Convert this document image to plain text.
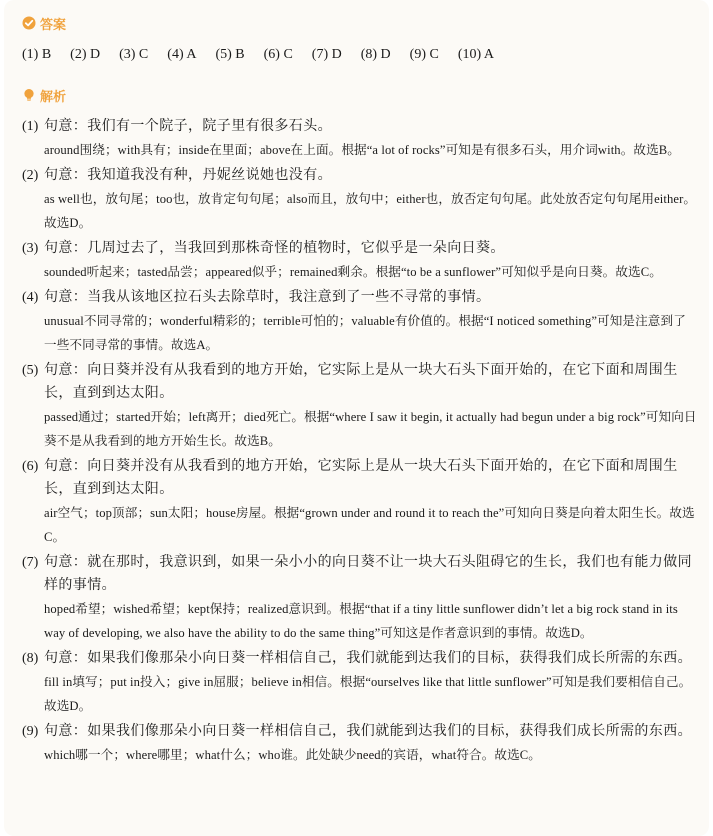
答案
(1) B (2) D (3) C (4) A (5) B (6) C (7) D (8) D (9) C (10) A
解析
(1) 句意：我们有一个院子，院子里有很多石头。
around围绕；with具有；inside在里面；above在上面。根据“a lot of rocks”可知是有很多石头，用介词with。故选B。
(2) 句意：我知道我没有种，丹妮丝说她也没有。
as well也，放句尾；too也，放肯定句句尾；also而且，放句中；either也，放否定句句尾。此处放否定句句尾用either。故选D。
(3) 句意：几周过去了，当我回到那株奇怪的植物时，它似乎是一朵向日葵。
sounded听起来；tasted品尝；appeared似乎；remained剩余。根据“to be a sunflower”可知似乎是向日葵。故选C。
(4) 句意：当我从该地区拉石头去除草时，我注意到了一些不寻常的事情。
unusual不同寻常的；wonderful精彩的；terrible可怕的；valuable有价值的。根据“I noticed something”可知是注意到了一些不同寻常的事情。故选A。
(5) 句意：向日葵并没有从我看到的地方开始，它实际上是从一块大石头下面开始的，在它下面和周围生长，直到到达太阳。
passed通过；started开始；left离开；died死亡。根据“where I saw it begin, it actually had begun under a big rock”可知向日葵不是从我看到的地方开始生长。故选B。
(6) 句意：向日葵并没有从我看到的地方开始，它实际上是从一块大石头下面开始的，在它下面和周围生长，直到到达太阳。
air空气；top顶部；sun太阳；house房屋。根据“grown under and round it to reach the”可知向日葵是向着太阳生长。故选C。
(7) 句意：就在那时，我意识到，如果一朵小小的向日葵不让一块大石头阻碍它的生长，我们也有能力做同样的事情。
hoped希望；wished希望；kept保持；realized意识到。根据“that if a tiny little sunflower didn’t let a big rock stand in its way of developing, we also have the ability to do the same thing”可知这是作者意识到的事情。故选D。
(8) 句意：如果我们像那朵小向日葵一样相信自己，我们就能到达我们的目标，获得我们成长所需的东西。
fill in填写；put in投入；give in屈服；believe in相信。根据“ourselves like that little sunflower”可知是我们要相信自己。故选D。
(9) 句意：如果我们像那朵小向日葵一样相信自己，我们就能到达我们的目标，获得我们成长所需的东西。
which哪一个；where哪里；what什么；who谁。此处缺少need的宾语，what符合。故选C。
